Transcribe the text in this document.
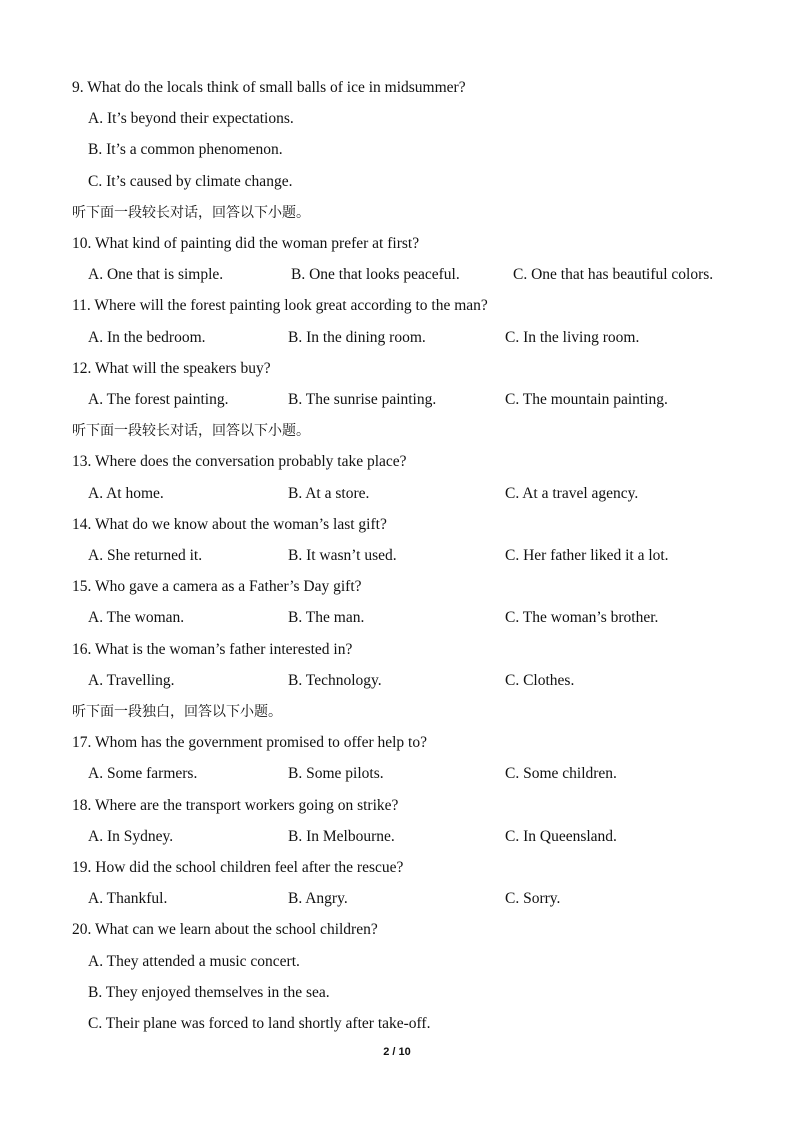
9. What do the locals think of small balls of ice in midsummer?
A. It’s beyond their expectations.
B. It’s a common phenomenon.
C. It’s caused by climate change.
听下面一段较长对话，回答以下小题。
10. What kind of painting did the woman prefer at first?
A. One that is simple.	B. One that looks peaceful.	C. One that has beautiful colors.
11. Where will the forest painting look great according to the man?
A. In the bedroom.	B. In the dining room.	C. In the living room.
12. What will the speakers buy?
A. The forest painting.	B. The sunrise painting.	C. The mountain painting.
听下面一段较长对话，回答以下小题。
13. Where does the conversation probably take place?
A. At home.	B. At a store.	C. At a travel agency.
14. What do we know about the woman’s last gift?
A. She returned it.	B. It wasn’t used.	C. Her father liked it a lot.
15. Who gave a camera as a Father’s Day gift?
A. The woman.	B. The man.	C. The woman’s brother.
16. What is the woman’s father interested in?
A. Travelling.	B. Technology.	C. Clothes.
听下面一段独白，回答以下小题。
17. Whom has the government promised to offer help to?
A. Some farmers.	B. Some pilots.	C. Some children.
18. Where are the transport workers going on strike?
A. In Sydney.	B. In Melbourne.	C. In Queensland.
19. How did the school children feel after the rescue?
A. Thankful.	B. Angry.	C. Sorry.
20. What can we learn about the school children?
A. They attended a music concert.
B. They enjoyed themselves in the sea.
C. Their plane was forced to land shortly after take-off.
2 / 10
